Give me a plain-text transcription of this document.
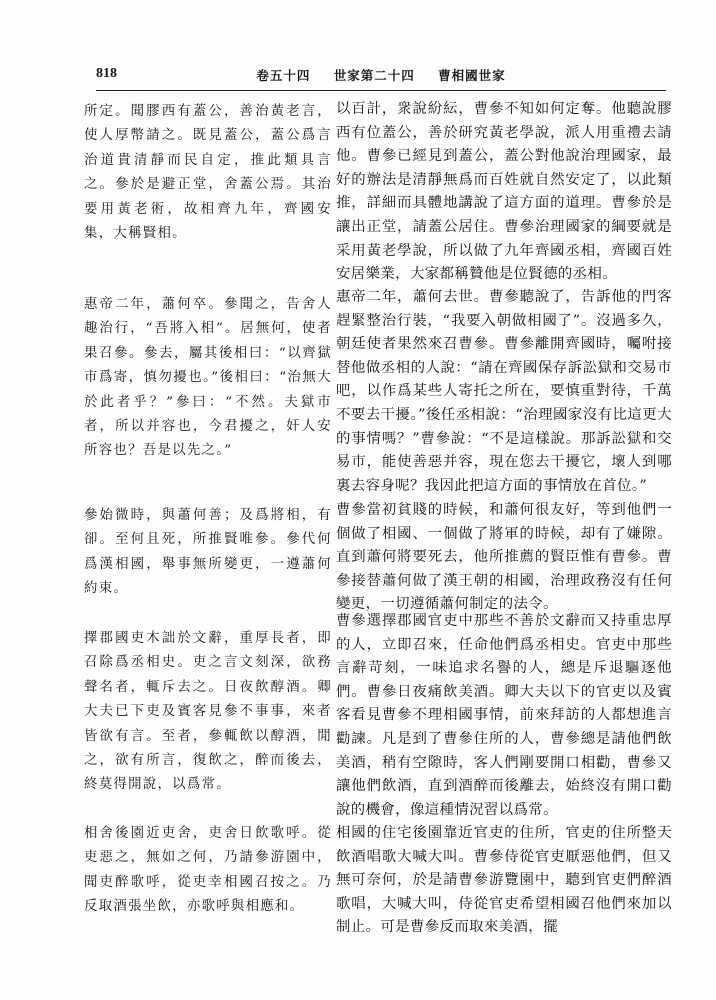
818	卷五十四 世家第二十四 曹相國世家

所定。聞膠西有蓋公，善治黃老言，使人厚幣請之。既見蓋公，蓋公爲言治道貴清靜而民自定，推此類具言之。參於是避正堂，舍蓋公焉。其治要用黃老術，故相齊九年，齊國安集，大稱賢相。

惠帝二年，蕭何卒。參聞之，告舍人趣治行，“吾將入相”。居無何，使者果召參。參去，屬其後相曰：“以齊獄市爲寄，慎勿擾也。”後相曰：“治無大於此者乎？”參曰：“不然。夫獄市者，所以并容也，今君擾之，奸人安所容也？吾是以先之。”

參始微時，與蕭何善；及爲將相，有卻。至何且死，所推賢唯參。參代何爲漢相國，舉事無所變更，一遵蕭何約束。

擇郡國吏木詘於文辭，重厚長者，即召除爲丞相史。吏之言文刻深，欲務聲名者，輒斥去之。日夜飲醇酒。卿大夫已下吏及賓客見參不事事，來者皆欲有言。至者，參輒飲以醇酒，閒之，欲有所言，復飲之，醉而後去，終莫得開說，以爲常。

相舍後園近吏舍，吏舍日飲歌呼。從吏惡之，無如之何，乃請參游園中，聞吏醉歌呼，從吏幸相國召按之。乃反取酒張坐飲，亦歌呼與相應和。

以百計，衆說紛紜，曹參不知如何定奪。他聽說膠西有位蓋公，善於研究黃老學說，派人用重禮去請他。曹參已經見到蓋公，蓋公對他說治理國家，最好的辦法是清靜無爲而百姓就自然安定了，以此類推，詳細而具體地講說了這方面的道理。曹參於是讓出正堂，請蓋公居住。曹參治理國家的綱要就是采用黃老學說，所以做了九年齊國丞相，齊國百姓安居樂業，大家都稱贊他是位賢德的丞相。

惠帝二年，蕭何去世。曹參聽說了，告訴他的門客趕緊整治行裝，“我要入朝做相國了”。沒過多久，朝廷使者果然來召曹參。曹參離開齊國時，囑咐接替他做丞相的人說：“請在齊國保存訴訟獄和交易市吧，以作爲某些人寄托之所在，要慎重對待，千萬不要去干擾。”後任丞相說：“治理國家沒有比這更大的事情嗎？”曹參說：“不是這樣說。那訴訟獄和交易市，能使善惡并容，現在您去干擾它，壞人到哪裏去容身呢？我因此把這方面的事情放在首位。”

曹參當初貧賤的時候，和蕭何很友好，等到他們一個做了相國、一個做了將軍的時候，却有了嫌隙。直到蕭何將要死去，他所推薦的賢臣惟有曹參。曹參接替蕭何做了漢王朝的相國，治理政務沒有任何變更，一切遵循蕭何制定的法令。

曹參選擇郡國官吏中那些不善於文辭而又持重忠厚的人，立即召來，任命他們爲丞相史。官吏中那些言辭苛刻，一味追求名譽的人，總是斥退驅逐他們。曹參日夜痛飲美酒。卿大夫以下的官吏以及賓客看見曹參不理相國事情，前來拜訪的人都想進言勸諫。凡是到了曹參住所的人，曹參總是請他們飲美酒，稍有空隙時，客人們剛要開口相勸，曹參又讓他們飲酒，直到酒醉而後離去，始終沒有開口勸說的機會，像這種情況習以爲常。

相國的住宅後園靠近官吏的住所，官吏的住所整天飲酒唱歌大喊大叫。曹參侍從官吏厭惡他們，但又無可奈何，於是請曹參游覽園中，聽到官吏們醉酒歌唱，大喊大叫，侍從官吏希望相國召他們來加以制止。可是曹參反而取來美酒，擺
